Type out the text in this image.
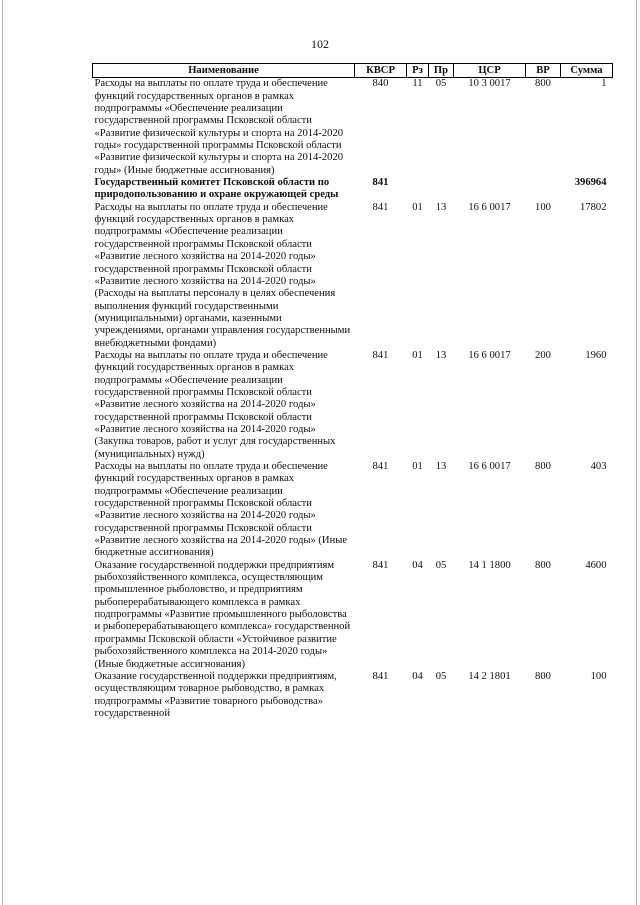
102
Наименование	КВСР	Рз	Пр	ЦСР	ВР	Сумма
Расходы на выплаты по оплате труда и обеспечение функций государственных органов в рамках подпрограммы «Обеспечение реализации государственной программы Псковской области «Развитие физической культуры и спорта на 2014-2020 годы» государственной программы Псковской области «Развитие физической культуры и спорта на 2014-2020 годы» (Иные бюджетные ассигнования)	840	11	05	10 3 0017	800	1
Государственный комитет Псковской области по природопользованию и охране окружающей среды	841					396964
Расходы на выплаты по оплате труда и обеспечение функций государственных органов в рамках подпрограммы «Обеспечение реализации государственной программы Псковской области «Развитие лесного хозяйства на 2014-2020 годы» государственной программы Псковской области «Развитие лесного хозяйства на 2014-2020 годы» (Расходы на выплаты персоналу в целях обеспечения выполнения функций государственными (муниципальными) органами, казенными учреждениями, органами управления государственными внебюджетными фондами)	841	01	13	16 6 0017	100	17802
Расходы на выплаты по оплате труда и обеспечение функций государственных органов в рамках подпрограммы «Обеспечение реализации государственной программы Псковской области «Развитие лесного хозяйства на 2014-2020 годы» государственной программы Псковской области «Развитие лесного хозяйства на 2014-2020 годы» (Закупка товаров, работ и услуг для государственных (муниципальных) нужд)	841	01	13	16 6 0017	200	1960
Расходы на выплаты по оплате труда и обеспечение функций государственных органов в рамках подпрограммы «Обеспечение реализации государственной программы Псковской области «Развитие лесного хозяйства на 2014-2020 годы» государственной программы Псковской области «Развитие лесного хозяйства на 2014-2020 годы» (Иные бюджетные ассигнования)	841	01	13	16 6 0017	800	403
Оказание государственной поддержки предприятиям рыбохозяйственного комплекса, осуществляющим промышленное рыболовство, и предприятиям рыбоперерабатывающего комплекса в рамках подпрограммы «Развитие промышленного рыболовства и рыбоперерабатывающего комплекса» государственной программы Псковской области «Устойчивое развитие рыбохозяйственного комплекса на 2014-2020 годы» (Иные бюджетные ассигнования)	841	04	05	14 1 1800	800	4600
Оказание государственной поддержки предприятиям, осуществляющим товарное рыбоводство, в рамках подпрограммы «Развитие товарного рыбоводства» государственной	841	04	05	14 2 1801	800	100
